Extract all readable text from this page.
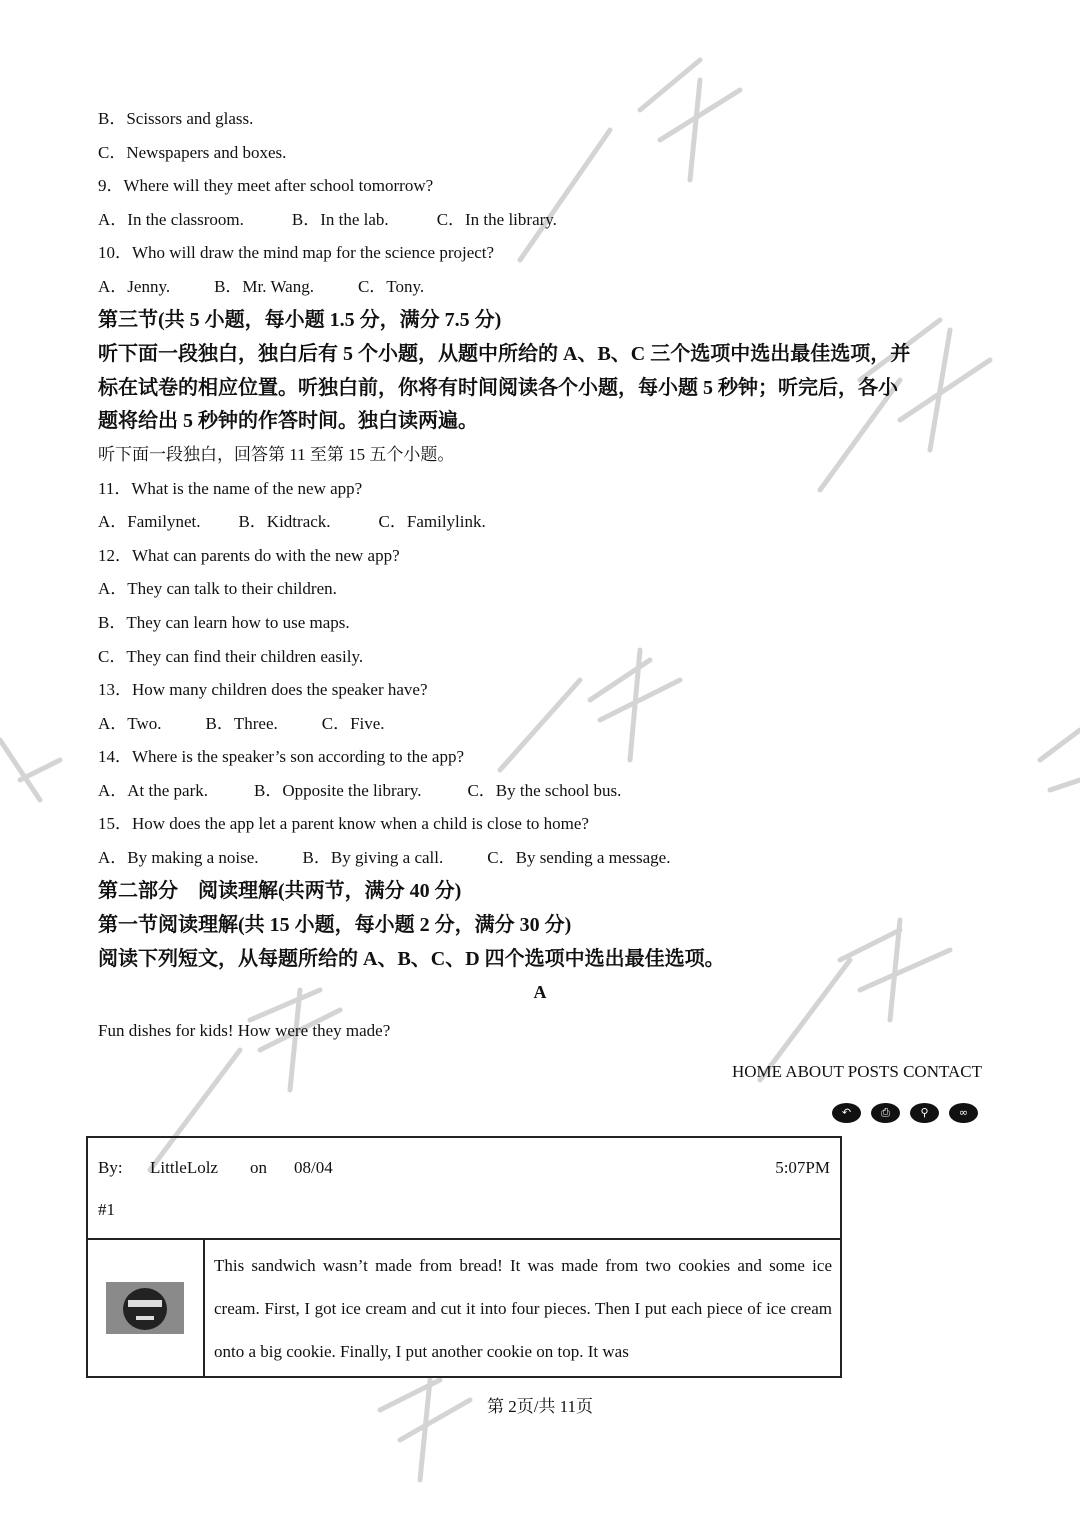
B．Scissors and glass.
C．Newspapers and boxes.
9．Where will they meet after school tomorrow?
A．In the classroom.	B．In the lab.	C．In the library.
10．Who will draw the mind map for the science project?
A．Jenny.	B．Mr. Wang.	C．Tony.
第三节(共 5 小题，每小题 1.5 分，满分 7.5 分)
听下面一段独白，独白后有 5 个小题，从题中所给的 A、B、C 三个选项中选出最佳选项，并
标在试卷的相应位置。听独白前，你将有时间阅读各个小题，每小题 5 秒钟；听完后，各小
题将给出 5 秒钟的作答时间。独白读两遍。
听下面一段独白，回答第 11 至第 15 五个小题。
11．What is the name of the new app?
A．Familynet. B．Kidtrack.	C．Familylink.
12．What can parents do with the new app?
A．They can talk to their children.
B．They can learn how to use maps.
C．They can find their children easily.
13．How many children does the speaker have?
A．Two.	B．Three.	C．Five.
14．Where is the speaker’s son according to the app?
A．At the park.	B．Opposite the library.	C．By the school bus.
15．How does the app let a parent know when a child is close to home?
A．By making a noise.	B．By giving a call.	C．By sending a message.
第二部分　阅读理解(共两节，满分 40 分)
第一节阅读理解(共 15 小题，每小题 2 分，满分 30 分)
阅读下列短文，从每题所给的 A、B、C、D 四个选项中选出最佳选项。
A
Fun dishes for kids! How were they made?
HOME ABOUT POSTS CONTACT
↶	⎙	⚲	∞
By: LittleLolz on 08/04	5:07PM
#1
This sandwich wasn’t made from bread! It was made from two cookies and some ice cream. First, I got ice cream and cut it into four pieces. Then I put each piece of ice cream onto a big cookie. Finally, I put another cookie on top. It was
第 2页/共 11页
